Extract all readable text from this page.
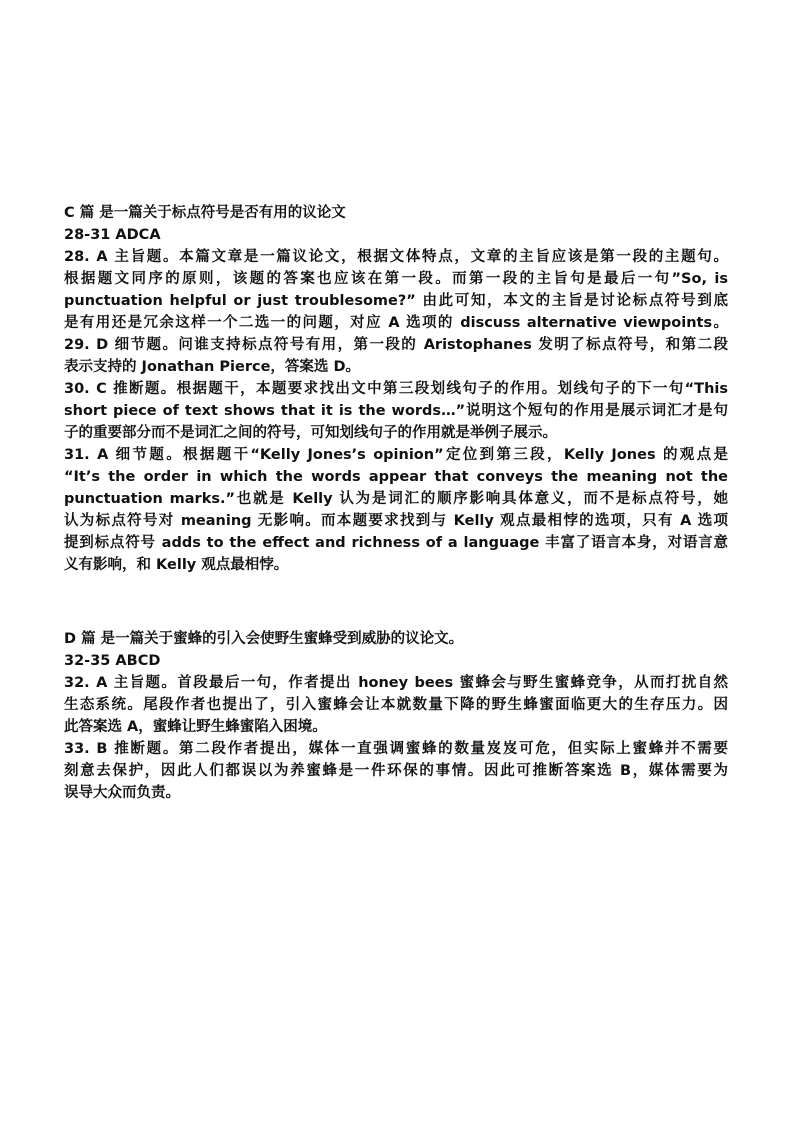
C 篇 是一篇关于标点符号是否有用的议论文
28-31 ADCA
28. A 主旨题。本篇文章是一篇议论文，根据文体特点，文章的主旨应该是第一段的主题句。
根据题文同序的原则，该题的答案也应该在第一段。而第一段的主旨句是最后一句”So, is
punctuation helpful or just troublesome?” 由此可知，本文的主旨是讨论标点符号到底
是有用还是冗余这样一个二选一的问题，对应 A 选项的 discuss alternative viewpoints。
29. D 细节题。问谁支持标点符号有用，第一段的 Aristophanes 发明了标点符号，和第二段
表示支持的 Jonathan Pierce，答案选 D。
30. C 推断题。根据题干，本题要求找出文中第三段划线句子的作用。划线句子的下一句“This
short piece of text shows that it is the words…”说明这个短句的作用是展示词汇才是句
子的重要部分而不是词汇之间的符号，可知划线句子的作用就是举例子展示。
31. A 细节题。根据题干“Kelly Jones’s opinion”定位到第三段，Kelly Jones 的观点是
“It’s the order in which the words appear that conveys the meaning not the
punctuation marks.”也就是 Kelly 认为是词汇的顺序影响具体意义，而不是标点符号，她
认为标点符号对 meaning 无影响。而本题要求找到与 Kelly 观点最相悖的选项，只有 A 选项
提到标点符号 adds to the effect and richness of a language 丰富了语言本身，对语言意
义有影响，和 Kelly 观点最相悖。
D 篇 是一篇关于蜜蜂的引入会使野生蜜蜂受到威胁的议论文。
32-35 ABCD
32. A 主旨题。首段最后一句，作者提出 honey bees 蜜蜂会与野生蜜蜂竞争，从而打扰自然
生态系统。尾段作者也提出了，引入蜜蜂会让本就数量下降的野生蜂蜜面临更大的生存压力。因
此答案选 A，蜜蜂让野生蜂蜜陷入困境。
33. B 推断题。第二段作者提出，媒体一直强调蜜蜂的数量岌岌可危，但实际上蜜蜂并不需要
刻意去保护，因此人们都误以为养蜜蜂是一件环保的事情。因此可推断答案选 B，媒体需要为
误导大众而负责。
